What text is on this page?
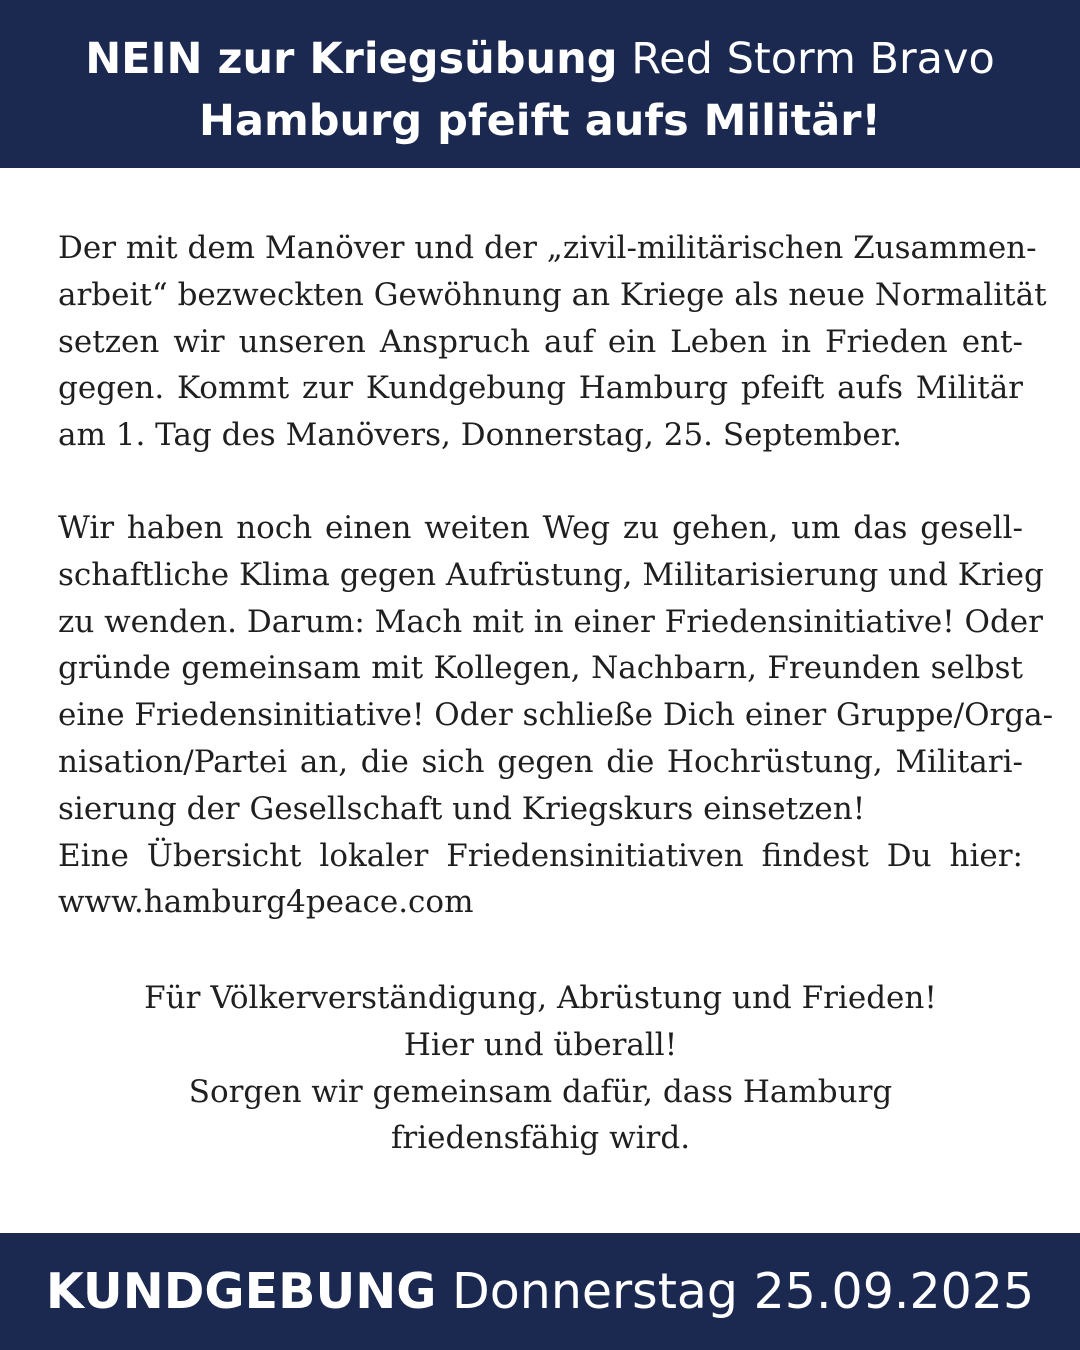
NEIN zur Kriegsübung Red Storm Bravo
Hamburg pfeift aufs Militär!
Der mit dem Manöver und der „zivil-militärischen Zusammen-
arbeit“ bezweckten Gewöhnung an Kriege als neue Normalität
setzen wir unseren Anspruch auf ein Leben in Frieden ent-
gegen. Kommt zur Kundgebung Hamburg pfeift aufs Militär
am 1. Tag des Manövers, Donnerstag, 25. September.
Wir haben noch einen weiten Weg zu gehen, um das gesell-
schaftliche Klima gegen Aufrüstung, Militarisierung und Krieg
zu wenden. Darum: Mach mit in einer Friedensinitiative! Oder
gründe gemeinsam mit Kollegen, Nachbarn, Freunden selbst
eine Friedensinitiative! Oder schließe Dich einer Gruppe/Orga-
nisation/Partei an, die sich gegen die Hochrüstung, Militari-
sierung der Gesellschaft und Kriegskurs einsetzen!
Eine Übersicht lokaler Friedensinitiativen findest Du hier:
www.hamburg4peace.com
Für Völkerverständigung, Abrüstung und Frieden!
Hier und überall!
Sorgen wir gemeinsam dafür, dass Hamburg
friedensfähig wird.
KUNDGEBUNG Donnerstag 25.09.2025
